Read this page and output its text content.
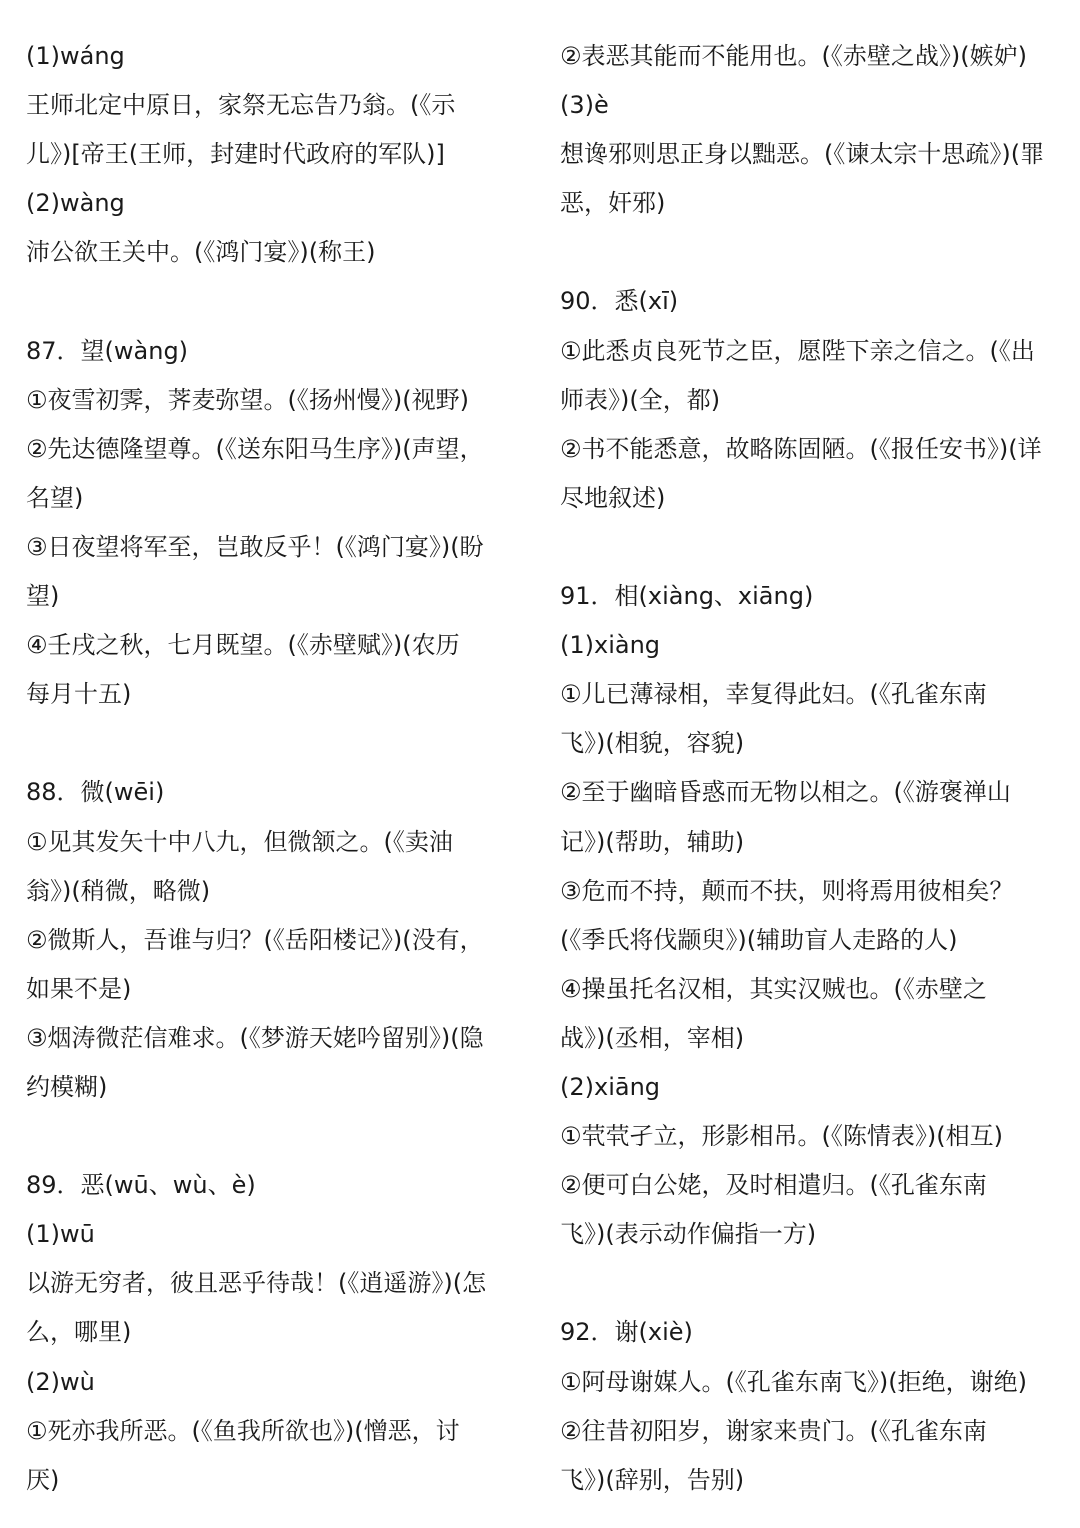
(1)wáng
王师北定中原日，家祭无忘告乃翁。(《示
儿》)[帝王(王师，封建时代政府的军队)]
(2)wàng
沛公欲王关中。(《鸿门宴》)(称王)
87．望(wàng)
①夜雪初霁，荠麦弥望。(《扬州慢》)(视野)
②先达德隆望尊。(《送东阳马生序》)(声望，
名望)
③日夜望将军至，岂敢反乎！(《鸿门宴》)(盼
望)
④壬戌之秋，七月既望。(《赤壁赋》)(农历
每月十五)
88．微(wēi)
①见其发矢十中八九，但微颔之。(《卖油
翁》)(稍微，略微)
②微斯人，吾谁与归？(《岳阳楼记》)(没有，
如果不是)
③烟涛微茫信难求。(《梦游天姥吟留别》)(隐
约模糊)
89．恶(wū、wù、è)
(1)wū
以游无穷者，彼且恶乎待哉！(《逍遥游》)(怎
么，哪里)
(2)wù
①死亦我所恶。(《鱼我所欲也》)(憎恶，讨
厌)
②表恶其能而不能用也。(《赤壁之战》)(嫉妒)
(3)è
想谗邪则思正身以黜恶。(《谏太宗十思疏》)(罪
恶，奸邪)
90．悉(xī)
①此悉贞良死节之臣，愿陛下亲之信之。(《出
师表》)(全，都)
②书不能悉意，故略陈固陋。(《报任安书》)(详
尽地叙述)
91．相(xiàng、xiāng)
(1)xiàng
①儿已薄禄相，幸复得此妇。(《孔雀东南
飞》)(相貌，容貌)
②至于幽暗昏惑而无物以相之。(《游褒禅山
记》)(帮助，辅助)
③危而不持，颠而不扶，则将焉用彼相矣？
(《季氏将伐颛臾》)(辅助盲人走路的人)
④操虽托名汉相，其实汉贼也。(《赤壁之
战》)(丞相，宰相)
(2)xiāng
①茕茕孑立，形影相吊。(《陈情表》)(相互)
②便可白公姥，及时相遣归。(《孔雀东南
飞》)(表示动作偏指一方)
92．谢(xiè)
①阿母谢媒人。(《孔雀东南飞》)(拒绝，谢绝)
②往昔初阳岁，谢家来贵门。(《孔雀东南
飞》)(辞别，告别)
